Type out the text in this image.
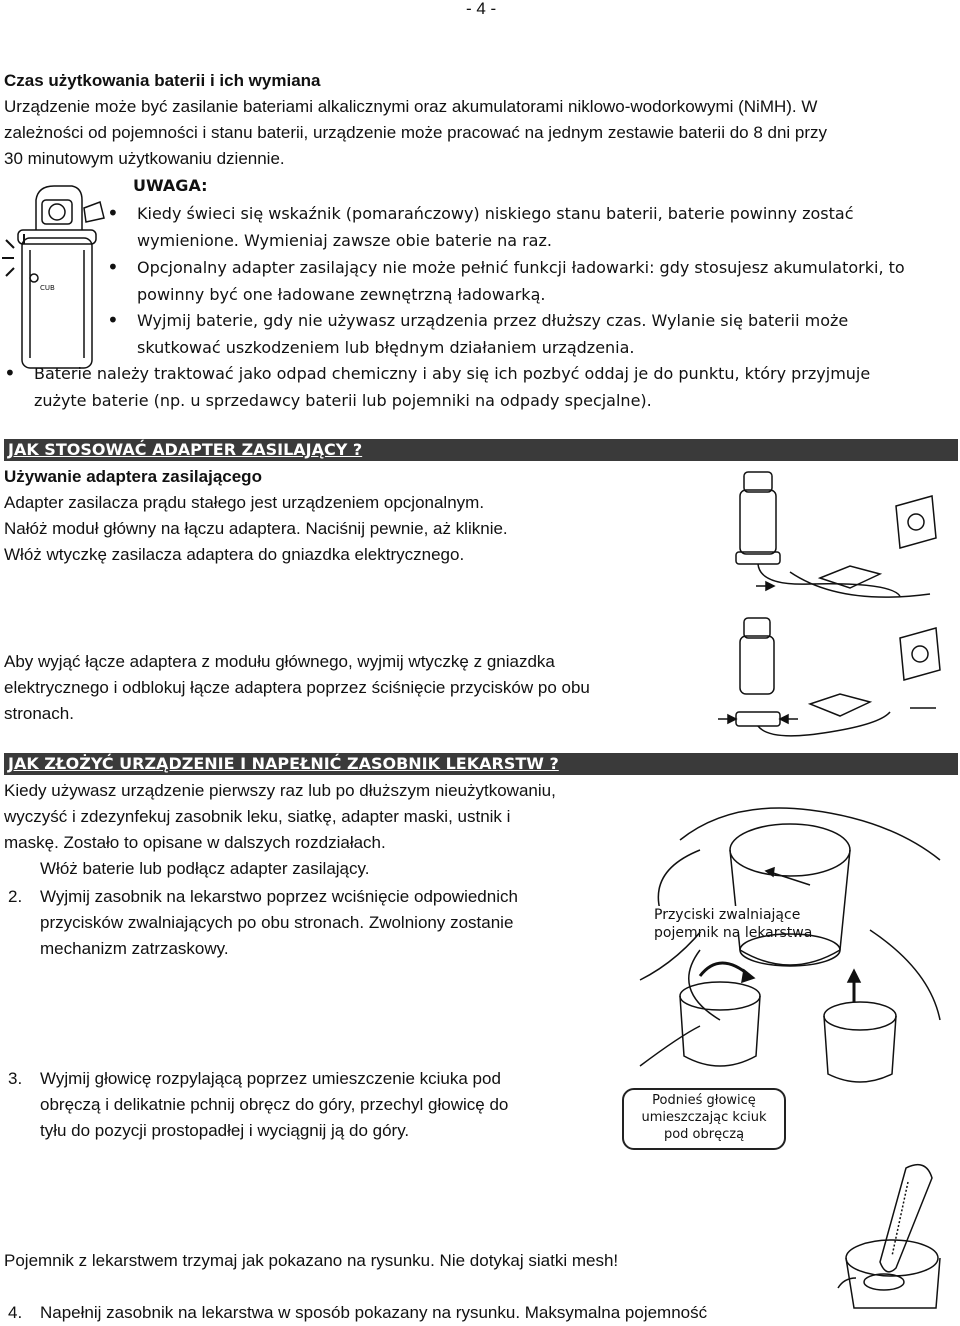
- 4 -
Czas użytkowania baterii i ich wymiana
Urządzenie może być zasilanie bateriami alkalicznymi oraz akumulatorami niklowo-wodorkowymi (NiMH). W
zależności od pojemności i stanu baterii, urządzenie może pracować na jednym zestawie baterii do 8 dni przy
30 minutowym użytkowaniu dziennie.
UWAGA:
• Kiedy świeci się wskaźnik (pomarańczowy) niskiego stanu baterii, baterie powinny zostać
wymienione. Wymieniaj zawsze obie baterie na raz.
• Opcjonalny adapter zasilający nie może pełnić funkcji ładowarki: gdy stosujesz akumulatorki, to
powinny być one ładowane zewnętrzną ładowarką.
• Wyjmij baterie, gdy nie używasz urządzenia przez dłuższy czas. Wylanie się baterii może
skutkować uszkodzeniem lub błędnym działaniem urządzenia.
• Baterie należy traktować jako odpad chemiczny i aby się ich pozbyć oddaj je do punktu, który przyjmuje
zużyte baterie (np. u sprzedawcy baterii lub pojemniki na odpady specjalne).
CUB
JAK STOSOWAĆ ADAPTER ZASILAJĄCY ?
Używanie adaptera zasilającego
Adapter zasilacza prądu stałego jest urządzeniem opcjonalnym.
Nałóż moduł główny na łączu adaptera. Naciśnij pewnie, aż kliknie.
Włóż wtyczkę zasilacza adaptera do gniazdka elektrycznego.
Aby wyjąć łącze adaptera z modułu głównego, wyjmij wtyczkę z gniazdka
elektrycznego i odblokuj łącze adaptera poprzez ściśnięcie przycisków po obu
stronach.
JAK ZŁOŻYĆ URZĄDZENIE I NAPEŁNIĆ ZASOBNIK LEKARSTW ?
Kiedy używasz urządzenie pierwszy raz lub po dłuższym nieużytkowaniu,
wyczyść i zdezynfekuj zasobnik leku, siatkę, adapter maski, ustnik i
maskę. Zostało to opisane w dalszych rozdziałach.
Włóż baterie lub podłącz adapter zasilający.
2. Wyjmij zasobnik na lekarstwo poprzez wciśnięcie odpowiednich
przycisków zwalniających po obu stronach. Zwolniony zostanie
mechanizm zatrzaskowy.
Przyciski zwalniające
pojemnik na lekarstwa
3. Wyjmij głowicę rozpylającą poprzez umieszczenie kciuka pod
obręczą i delikatnie pchnij obręcz do góry, przechyl głowicę do
tyłu do pozycji prostopadłej i wyciągnij ją do góry.
Podnieś głowicę
umieszczając kciuk
pod obręczą
Pojemnik z lekarstwem trzymaj jak pokazano na rysunku. Nie dotykaj siatki mesh!
4. Napełnij zasobnik na lekarstwa w sposób pokazany na rysunku. Maksymalna pojemność
